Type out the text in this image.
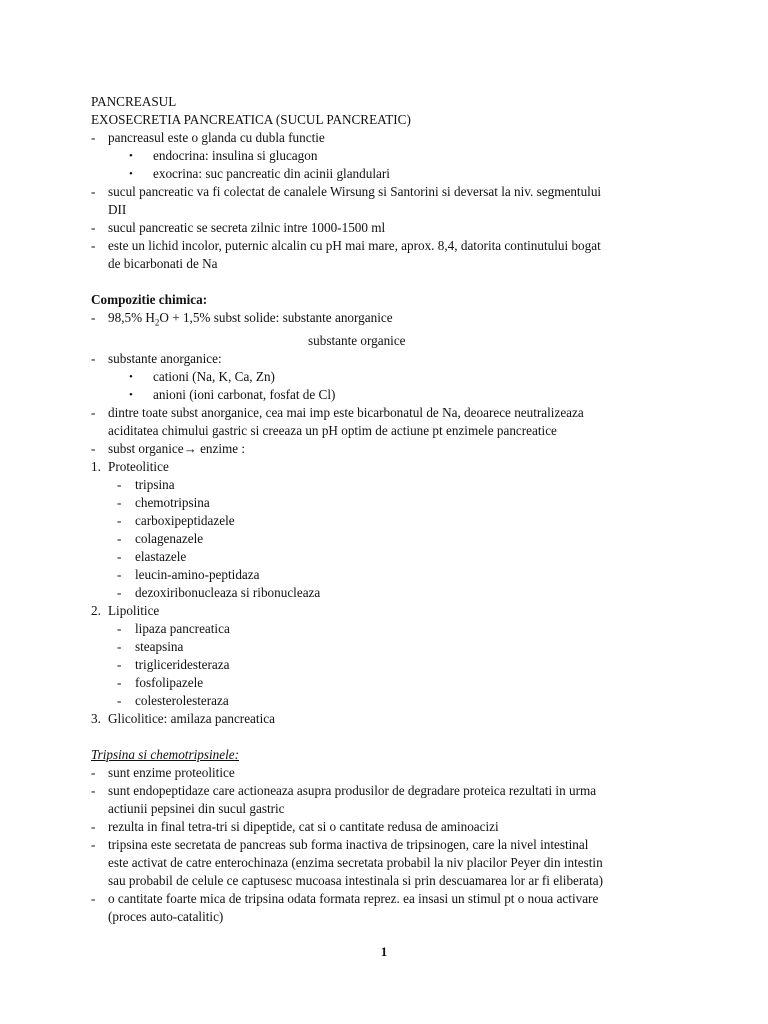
PANCREASUL
EXOSECRETIA PANCREATICA (SUCUL PANCREATIC)
- pancreasul este o glanda cu dubla functie
•	endocrina: insulina si glucagon
•	exocrina: suc pancreatic din acinii glandulari
- sucul pancreatic va fi colectat de canalele Wirsung si Santorini si deversat la niv. segmentului
DII
- sucul pancreatic se secreta zilnic intre 1000-1500 ml
- este un lichid incolor, puternic alcalin cu pH mai mare, aprox. 8,4, datorita continutului bogat
de bicarbonati de Na
Compozitie chimica:
- 98,5% $H_2O + 1,5\%$ subst solide: substante anorganice
substante organice
- substante anorganice:
•	cationi (Na, K, Ca, Zn)
•	anioni (ioni carbonat, fosfat de Cl)
- dintre toate subst anorganice, cea mai imp este bicarbonatul de Na, deoarece neutralizeaza
aciditatea chimului gastric si creeaza un pH optim de actiune pt enzimele pancreatice
- subst organice→ enzime :
1. Proteolitice
-	tripsina
-	chemotripsina
-	carboxipeptidazele
-	colagenazele
-	elastazele
-	leucin-amino-peptidaza
-	dezoxiribonucleaza si ribonucleaza
2. Lipolitice
-	lipaza pancreatica
-	steapsina
-	trigliceridesteraza
-	fosfolipazele
-	colesterolesteraza
3. Glicolitice: amilaza pancreatica
Tripsina si chemotripsinele:
- sunt enzime proteolitice
- sunt endopeptidaze care actioneaza asupra produsilor de degradare proteica rezultati in urma
actiunii pepsinei din sucul gastric
- rezulta in final tetra-tri si dipeptide, cat si o cantitate redusa de aminoacizi
- tripsina este secretata de pancreas sub forma inactiva de tripsinogen, care la nivel intestinal
este activat de catre enterochinaza (enzima secretata probabil la niv placilor Peyer din intestin
sau probabil de celule ce captusesc mucoasa intestinala si prin descuamarea lor ar fi eliberata)
- o cantitate foarte mica de tripsina odata formata reprez. ea insasi un stimul pt o noua activare
(proces auto-catalitic)
1
